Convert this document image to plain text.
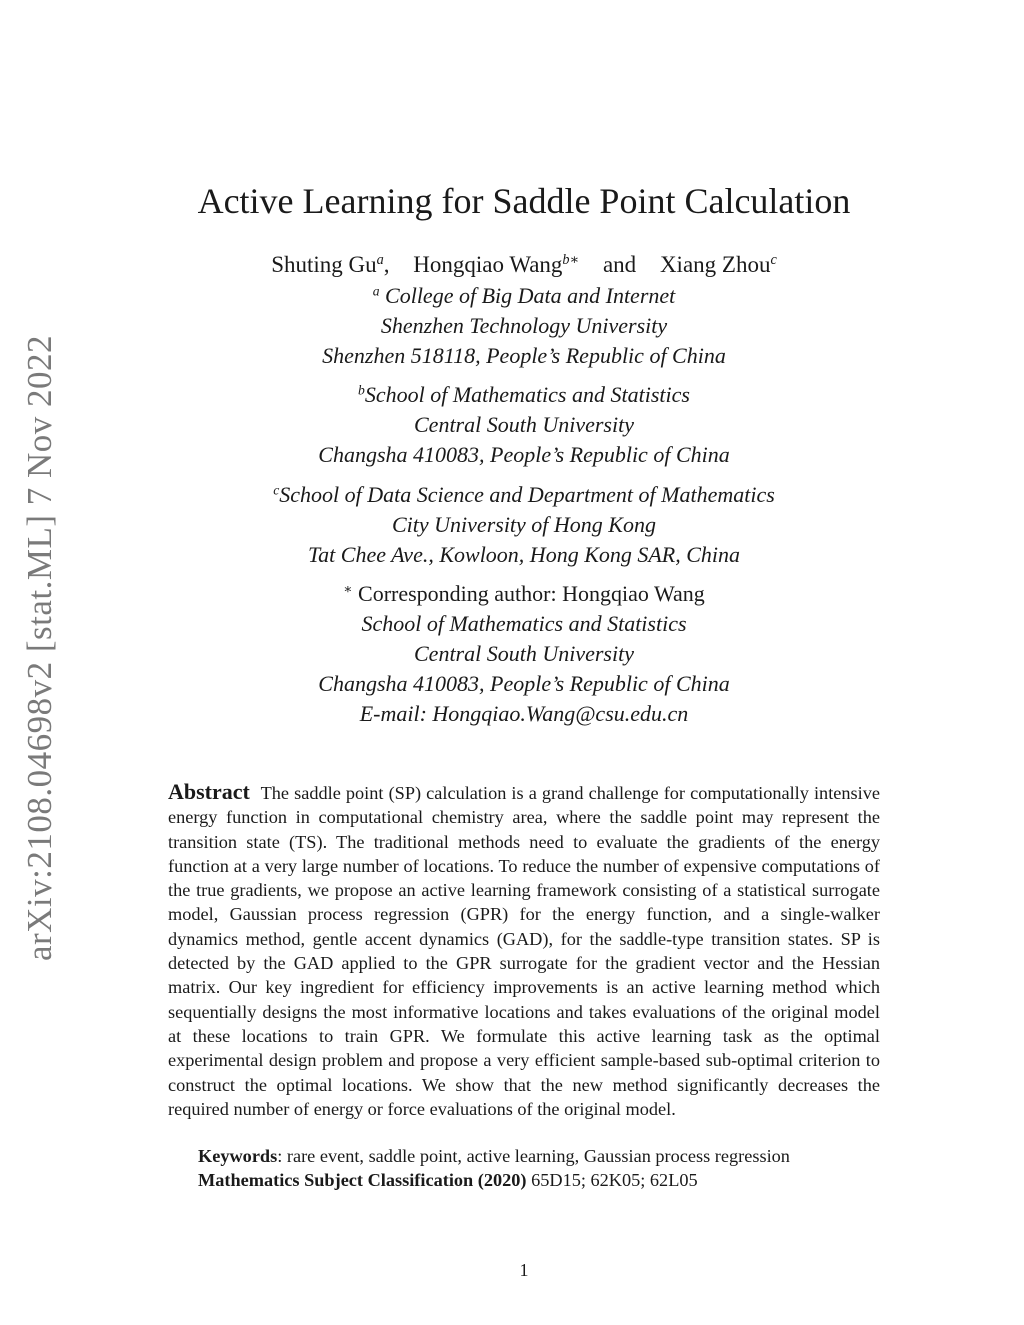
arXiv:2108.04698v2 [stat.ML] 7 Nov 2022
Active Learning for Saddle Point Calculation
Shuting Gu$^a$, Hongqiao Wang$^{b∗}$ and Xiang Zhou$^c$
$^a$ College of Big Data and Internet
Shenzhen Technology University
Shenzhen 518118, People’s Republic of China
$^b$School of Mathematics and Statistics
Central South University
Changsha 410083, People’s Republic of China
$^c$School of Data Science and Department of Mathematics
City University of Hong Kong
Tat Chee Ave., Kowloon, Hong Kong SAR, China
∗ Corresponding author: Hongqiao Wang
School of Mathematics and Statistics
Central South University
Changsha 410083, People’s Republic of China
E-mail: Hongqiao.Wang@csu.edu.cn
Abstract The saddle point (SP) calculation is a grand challenge for computationally intensive energy function in computational chemistry area, where the saddle point may represent the transition state (TS). The traditional methods need to evaluate the gradients of the energy function at a very large number of locations. To reduce the number of expensive computations of the true gradients, we propose an active learning framework consisting of a statistical surrogate model, Gaussian process regression (GPR) for the energy function, and a single-walker dynamics method, gentle accent dynamics (GAD), for the saddle-type transition states. SP is detected by the GAD applied to the GPR surrogate for the gradient vector and the Hessian matrix. Our key ingredient for efficiency improvements is an active learning method which sequentially designs the most informative locations and takes evaluations of the original model at these locations to train GPR. We formulate this active learning task as the optimal experimental design problem and propose a very efficient sample-based sub-optimal criterion to construct the optimal locations. We show that the new method significantly decreases the required number of energy or force evaluations of the original model.
Keywords: rare event, saddle point, active learning, Gaussian process regression
Mathematics Subject Classification (2020) 65D15; 62K05; 62L05
1
